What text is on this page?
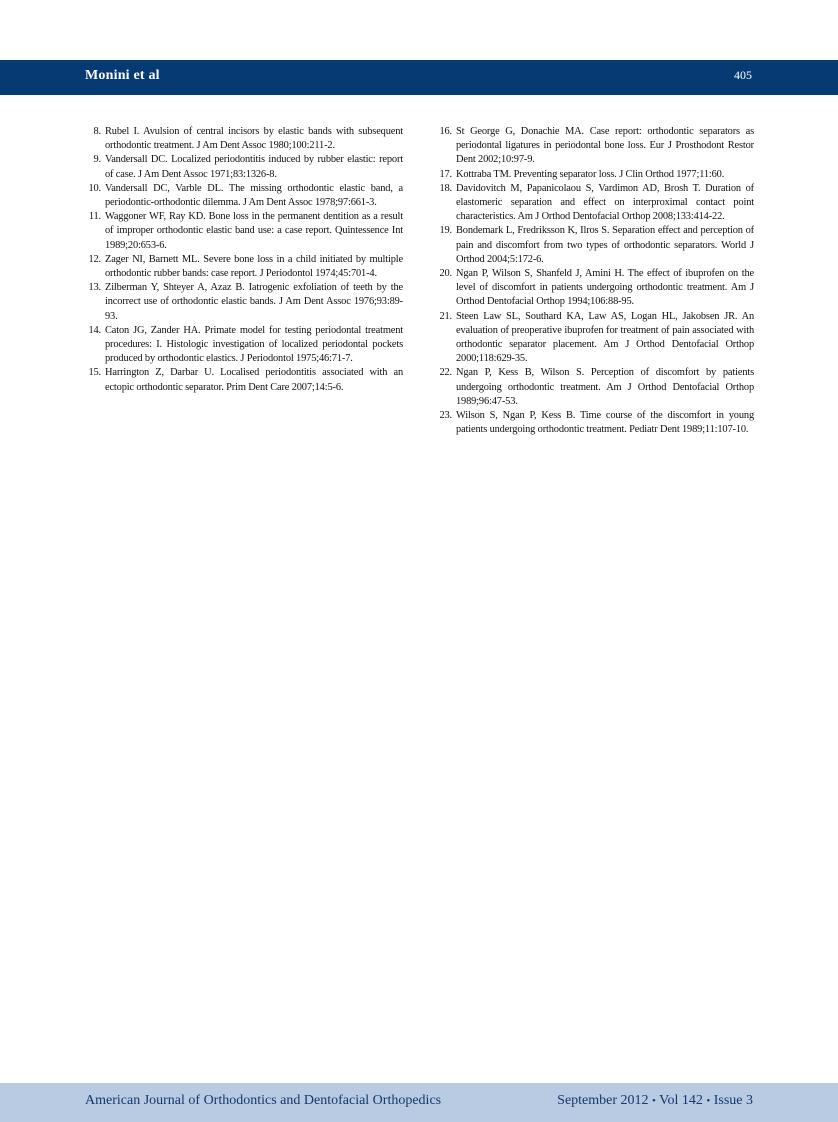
Monini et al	405
8. Rubel I. Avulsion of central incisors by elastic bands with subsequent orthodontic treatment. J Am Dent Assoc 1980;100:211-2.
9. Vandersall DC. Localized periodontitis induced by rubber elastic: report of case. J Am Dent Assoc 1971;83:1326-8.
10. Vandersall DC, Varble DL. The missing orthodontic elastic band, a periodontic-orthodontic dilemma. J Am Dent Assoc 1978;97:661-3.
11. Waggoner WF, Ray KD. Bone loss in the permanent dentition as a result of improper orthodontic elastic band use: a case report. Quintessence Int 1989;20:653-6.
12. Zager NI, Barnett ML. Severe bone loss in a child initiated by multiple orthodontic rubber bands: case report. J Periodontol 1974;45:701-4.
13. Zilberman Y, Shteyer A, Azaz B. Iatrogenic exfoliation of teeth by the incorrect use of orthodontic elastic bands. J Am Dent Assoc 1976;93:89-93.
14. Caton JG, Zander HA. Primate model for testing periodontal treatment procedures: I. Histologic investigation of localized periodontal pockets produced by orthodontic elastics. J Periodontol 1975;46:71-7.
15. Harrington Z, Darbar U. Localised periodontitis associated with an ectopic orthodontic separator. Prim Dent Care 2007;14:5-6.
16. St George G, Donachie MA. Case report: orthodontic separators as periodontal ligatures in periodontal bone loss. Eur J Prosthodont Restor Dent 2002;10:97-9.
17. Kottraba TM. Preventing separator loss. J Clin Orthod 1977;11:60.
18. Davidovitch M, Papanicolaou S, Vardimon AD, Brosh T. Duration of elastomeric separation and effect on interproximal contact point characteristics. Am J Orthod Dentofacial Orthop 2008;133:414-22.
19. Bondemark L, Fredriksson K, Ilros S. Separation effect and perception of pain and discomfort from two types of orthodontic separators. World J Orthod 2004;5:172-6.
20. Ngan P, Wilson S, Shanfeld J, Amini H. The effect of ibuprofen on the level of discomfort in patients undergoing orthodontic treatment. Am J Orthod Dentofacial Orthop 1994;106:88-95.
21. Steen Law SL, Southard KA, Law AS, Logan HL, Jakobsen JR. An evaluation of preoperative ibuprofen for treatment of pain associated with orthodontic separator placement. Am J Orthod Dentofacial Orthop 2000;118:629-35.
22. Ngan P, Kess B, Wilson S. Perception of discomfort by patients undergoing orthodontic treatment. Am J Orthod Dentofacial Orthop 1989;96:47-53.
23. Wilson S, Ngan P, Kess B. Time course of the discomfort in young patients undergoing orthodontic treatment. Pediatr Dent 1989;11:107-10.
American Journal of Orthodontics and Dentofacial Orthopedics	September 2012 • Vol 142 • Issue 3
